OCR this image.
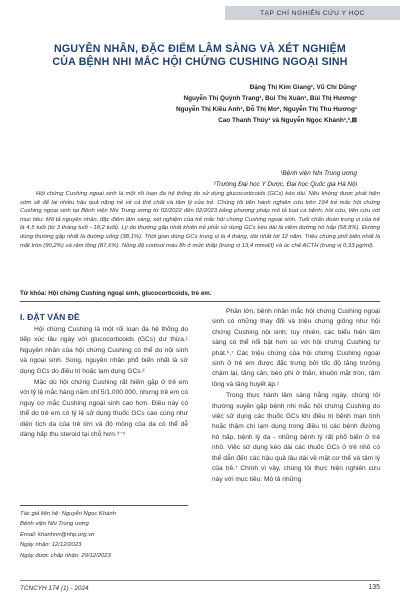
TẠP CHÍ NGHIÊN CỨU Y HỌC
NGUYÊN NHÂN, ĐẶC ĐIỂM LÂM SÀNG VÀ XÉT NGHIỆM
CỦA BỆNH NHI MẮC HỘI CHỨNG CUSHING NGOẠI SINH
Đặng Thị Kim Giang¹, Vũ Chí Dũng¹
Nguyễn Thị Quỳnh Trang¹, Bùi Thị Xuân¹, Bùi Thị Hương¹
Nguyễn Thị Kiều Anh¹, Đỗ Thị Mơ¹, Nguyễn Thị Thu Hương¹
Cao Thanh Thủy¹ và Nguyễn Ngọc Khánh¹,²,⊠
¹Bệnh viện Nhi Trung ương
²Trường Đại học Y Dược, Đại học Quốc gia Hà Nội
Hội chứng Cushing ngoại sinh là một rối loạn đa hệ thống do sử dụng glucocorticoids (GCs) kéo dài. Nếu không được phát hiện sớm sẽ để lại nhiều hậu quả nặng nề về cả thể chất và tâm lý của trẻ. Chúng tôi tiến hành nghiên cứu trên 194 trẻ mắc hội chứng Cushing ngoại sinh tại Bệnh viện Nhi Trung ương từ 02/2022 đến 02/2023 bằng phương pháp mô tả loạt ca bệnh, hồi cứu, tiến cứu với mục tiêu: Mô tả nguyên nhân, đặc điểm lâm sàng, xét nghiệm của trẻ mắc hội chứng Cushing ngoại sinh. Tuổi chẩn đoán trung vị của trẻ là 4,5 tuổi (từ 3 tháng tuổi - 18,2 tuổi). Lý do thường gặp nhất khiến trẻ phải sử dụng GCs kéo dài là viêm đường hô hấp (58,8%). Đường dùng thường gặp nhất là đường uống (38,1%). Thời gian dùng GCs trung vị là 4 tháng, dài nhất tới 12 năm. Triệu chứng phổ biến nhất là mặt tròn (90,2%) và rậm lông (87,6%). Nồng độ cortisol máu 8h ở mức thấp (trung vị 13,4 mmol/l) và úc chế ACTH (trung vị 0,33 pg/ml).
Từ khóa: Hội chứng Cushing ngoại sinh, glucocorticoids, trẻ em.
I. ĐẶT VẤN ĐỀ

Hội chứng Cushing là một rối loạn đa hệ thống do tiếp xúc lâu ngày với glucocorticoids (GCs) dư thừa.¹ Nguyên nhân của hội chứng Cushing có thể do nội sinh và ngoại sinh. Song, nguyên nhân phổ biến nhất là sử dụng GCs do điều trị hoặc lạm dụng GCs.²

Mặc dù hội chứng Cushing rất hiếm gặp ở trẻ em với tỷ lệ mắc hàng năm chỉ 5/1.000.000, nhưng trẻ em có nguy cơ mắc Cushing ngoại sinh cao hơn. Điều này có thể do trẻ em có tỷ lệ sử dụng thuốc GCs cao cùng như diện tích da của trẻ lớn và độ mỏng của da có thể dễ dàng hấp thu steroid tại chỗ hơn.³⁻⁵

Phần lớn, bệnh nhân mắc hội chứng Cushing ngoại sinh có những thay đổi và triệu chứng giống như hội chứng Cushing nội sinh; tuy nhiên, các biểu hiện lâm sàng có thể nổi bật hơn so với hội chứng Cushing tự phát.⁶,⁷ Các triệu chứng của hội chứng Cushing ngoại sinh ở trẻ em được đặc trưng bởi tốc độ tăng trưởng chậm lại, tăng cân, béo phì ở thân, khuôn mặt tròn, rậm lông và tăng huyết áp.¹

Trong thực hành lâm sàng hằng ngày, chúng tôi thường xuyên gặp bệnh nhi mắc hội chứng Cushing do việc sử dụng các thuốc GCs khi điều trị bệnh mạn tính hoặc thậm chí lạm dụng trong điều trị các bệnh đường hô hấp, bệnh lý da - những bệnh lý rất phổ biến ở trẻ nhỏ. Việc sử dụng kéo dài các thuốc GCs ở trẻ nhỏ có thể dẫn đến các hậu quả lâu dài về mặt cơ thể và tâm lý của trẻ.⁷ Chính vì vậy, chúng tôi thực hiện nghiên cứu này với mục tiêu: Mô tả những

Tác giả liên hệ: Nguyễn Ngọc Khánh
Bệnh viện Nhi Trung ương
Email: khanhnn@nhp.org.vn
Ngày nhận: 12/12/2023
Ngày được chấp nhận: 29/12/2023
TCNCYH 174 (1) - 2024	135
